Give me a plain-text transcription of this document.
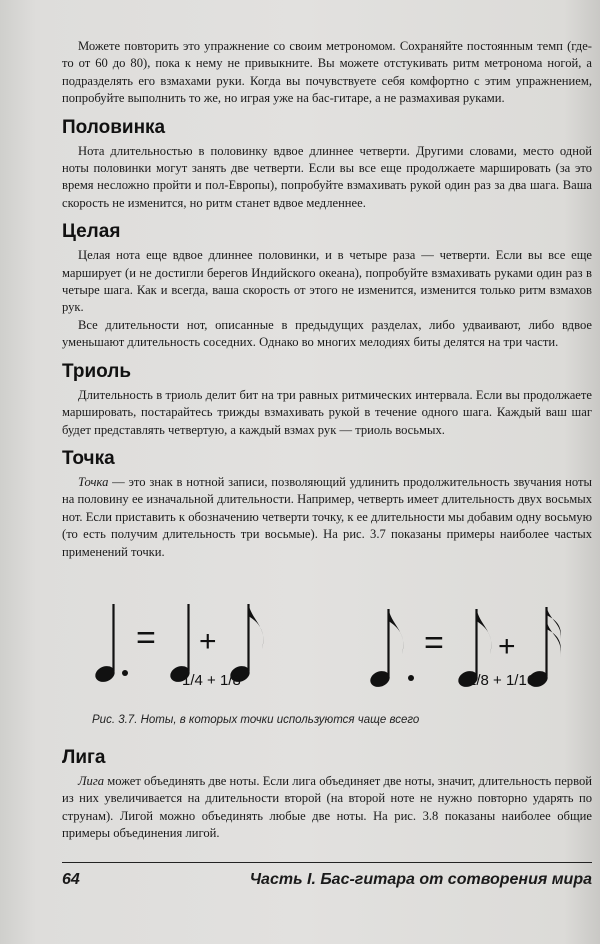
Можете повторить это упражнение со своим метрономом. Сохраняйте постоянным темп (где-то от 60 до 80), пока к нему не привыкните. Вы можете отстукивать ритм метронома ногой, а подразделять его взмахами руки. Когда вы почувствуете себя комфортно с этим упражнением, попробуйте выполнить то же, но играя уже на бас-гитаре, а не размахивая руками.

Половинка

Нота длительностью в половинку вдвое длиннее четверти. Другими словами, место одной ноты половинки могут занять две четверти. Если вы все еще продолжаете маршировать (за это время несложно пройти и пол-Европы), попробуйте взмахивать рукой один раз за два шага. Ваша скорость не изменится, но ритм станет вдвое медленнее.

Целая

Целая нота еще вдвое длиннее половинки, и в четыре раза — четверти. Если вы все еще марширует (и не достигли берегов Индийского океана), попробуйте взмахивать руками один раз в четыре шага. Как и всегда, ваша скорость от этого не изменится, изменится только ритм взмахов рук.

Все длительности нот, описанные в предыдущих разделах, либо удваивают, либо вдвое уменьшают длительность соседних. Однако во многих мелодиях биты делятся на три части.

Триоль

Длительность в триоль делит бит на три равных ритмических интервала. Если вы продолжаете маршировать, постарайтесь трижды взмахивать рукой в течение одного шага. Каждый ваш шаг будет представлять четвертую, а каждый взмах рук — триоль восьмых.

Точка

Точка — это знак в нотной записи, позволяющий удлинить продолжительность звучания ноты на половину ее изначальной длительности. Например, четверть имеет длительность двух восьмых нот. Если приставить к обозначению четверти точку, к ее длительности мы добавим одну восьмую (то есть получим длительность три восьмые). На рис. 3.7 показаны примеры наиболее частых применений точки.

= +	= +
1/4 + 1/8	1/8 + 1/16
Рис. 3.7. Ноты, в которых точки используются чаще всего
Лига

Лига может объединять две ноты. Если лига объединяет две ноты, значит, длительность первой из них увеличивается на длительности второй (на второй ноте не нужно повторно ударять по струнам). Лигой можно объединять любые две ноты. На рис. 3.8 показаны наиболее общие примеры объединения лигой.

64	Часть I. Бас-гитара от сотворения мира
